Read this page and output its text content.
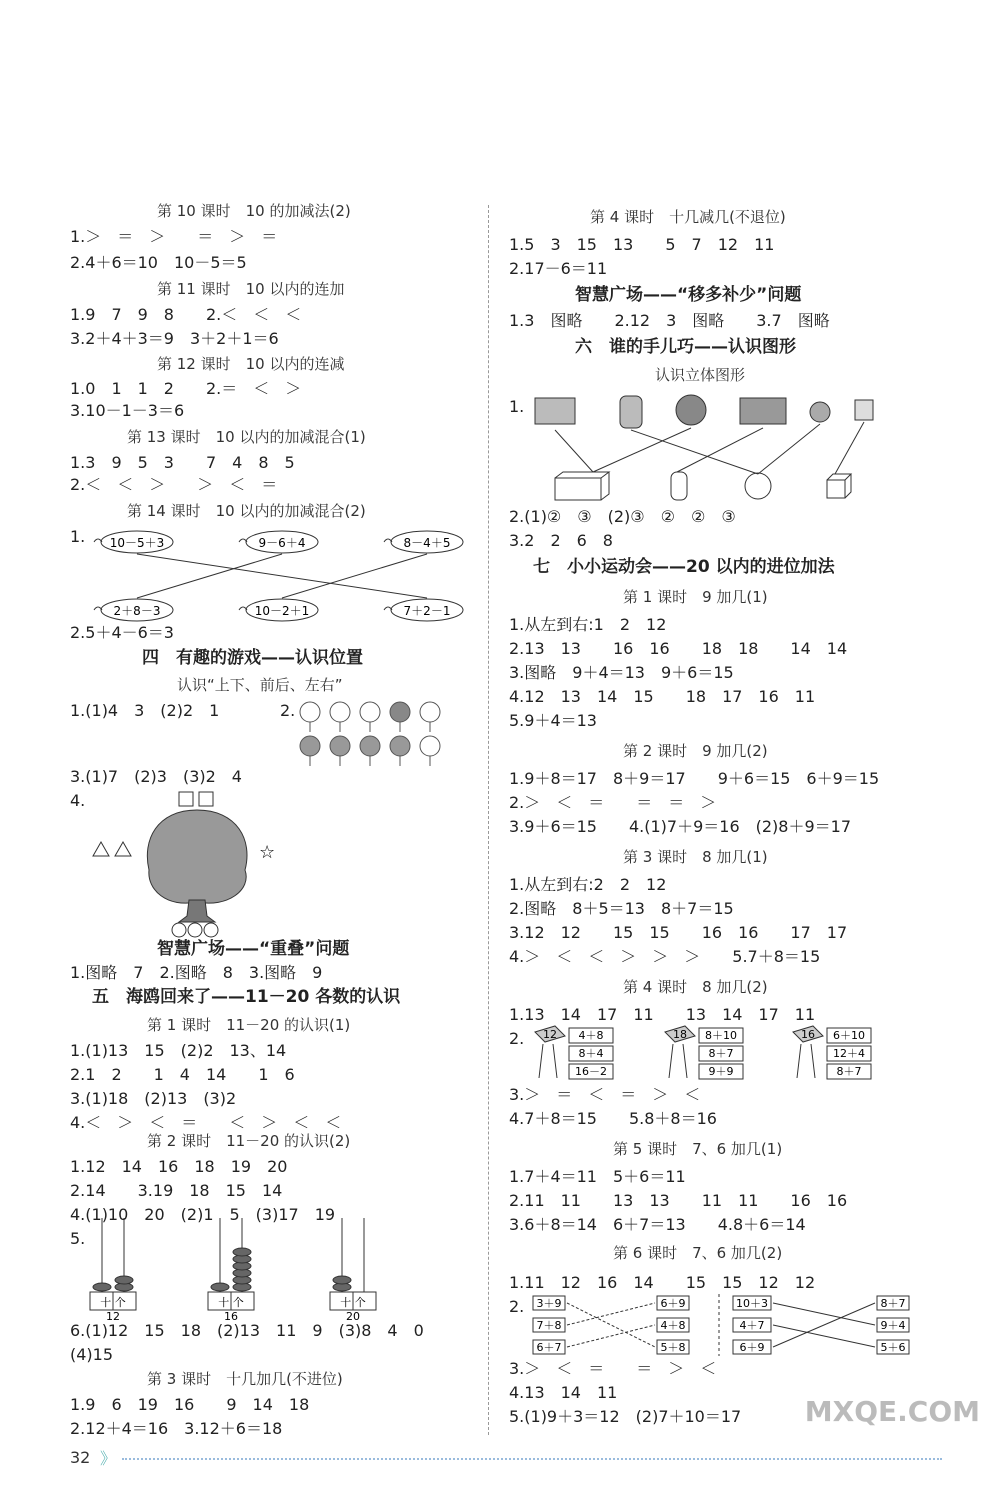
第 10 课时　10 的加减法(2)
1.＞　＝　＞　　＝　＞　＝
2.4＋6＝10　10－5＝5
第 11 课时　10 以内的连加
1.9　7　9　8　　2.＜　＜　＜
3.2＋4＋3＝9　3＋2＋1＝6
第 12 课时　10 以内的连减
1.0　1　1　2　　2.＝　＜　＞
3.10－1－3＝6
第 13 课时　10 以内的加减混合(1)
1.3　9　5　3　　7　4　8　5
2.＜　＜　＞　　＞　＜　＝
第 14 课时　10 以内的加减混合(2)
1. 10－5＋3	9－6＋4	8－4＋5
2＋8－3	10－2＋1	7＋2－1
2.5＋4－6＝3
四　有趣的游戏——认识位置
认识“上下、前后、左右”
1.(1)4　3　(2)2　1	2.
3.(1)7　(2)3　(3)2　4
4.
☆
智慧广场——“重叠”问题
1.图略　7　2.图略　8　3.图略　9
五　海鸥回来了——11－20 各数的认识
第 1 课时　11－20 的认识(1)
1.(1)13　15　(2)2　13、14
2.1　2　　1　4　14　　1　6
3.(1)18　(2)13　(3)2
4.＜　＞　＜　＝　　＜　＞　＜　＜
第 2 课时　11－20 的认识(2)
1.12　14　16　18　19　20
2.14　　3.19　18　15　14
4.(1)10　20　(2)1　5　(3)17　19
5.
十 个	十 个	十 个
12	16	20
6.(1)12　15　18　(2)13　11　9　(3)8　4　0
(4)15
第 3 课时　十几加几(不进位)
1.9　6　19　16　　9　14　18
2.12＋4＝16　3.12＋6＝18
第 4 课时　十几减几(不退位)
1.5　3　15　13　　5　7　12　11
2.17－6＝11
智慧广场——“移多补少”问题
1.3　图略　　2.12　3　图略　　3.7　图略
六　谁的手儿巧——认识图形
认识立体图形
1.
2.(1)②　③　(2)③　②　②　③
3.2　2　6　8
七　小小运动会——20 以内的进位加法
第 1 课时　9 加几(1)
1.从左到右:1　2　12
2.13　13　　16　16　　18　18　　14　14
3.图略　9＋4＝13　9＋6＝15
4.12　13　14　15　　18　17　16　11
5.9＋4＝13
第 2 课时　9 加几(2)
1.9＋8＝17　8＋9＝17　　9＋6＝15　6＋9＝15
2.＞　＜　＝　　＝　＝　＞
3.9＋6＝15　　4.(1)7＋9＝16　(2)8＋9＝17
第 3 课时　8 加几(1)
1.从左到右:2　2　12
2.图略　8＋5＝13　8＋7＝15
3.12　12　　15　15　　16　16　　17　17
4.＞　＜　＜　＞　＞　＞　　5.7＋8＝15
第 4 课时　8 加几(2)
1.13　14　17　11　　13　14　17　11
2. 12 4＋8
8＋4
16－2
18 8＋10
8＋7
9＋9
16 6＋10
12＋4
8＋7
3.＞　＝　＜　＝　＞　＜
4.7＋8＝15　　5.8＋8＝16
第 5 课时　7、6 加几(1)
1.7＋4＝11　5＋6＝11
2.11　11　　13　13　　11　11　　16　16
3.6＋8＝14　6＋7＝13　　4.8＋6＝14
第 6 课时　7、6 加几(2)
1.11　12　16　14　　15　15　12　12
2. 3＋9
7＋8
6＋7
6＋9
4＋8
5＋8
10＋3
4＋7
6＋9
8＋7
9＋4
5＋6
3.＞　＜　＝　　＝　＞　＜
4.13　14　11
5.(1)9＋3＝12　(2)7＋10＝17
32 》
MXQE.COM
